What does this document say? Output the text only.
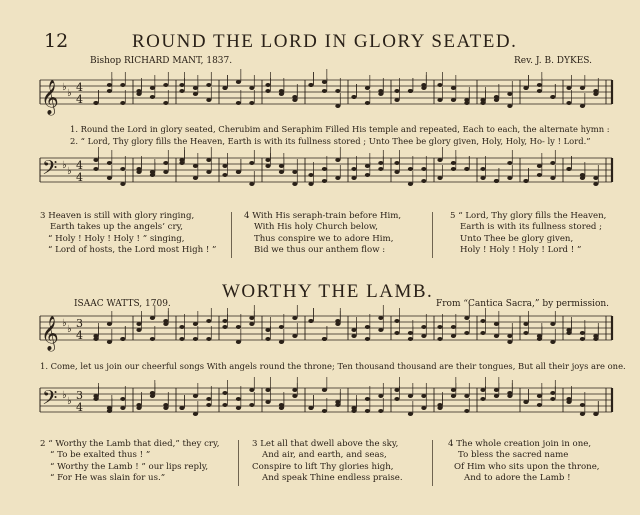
12	ROUND THE LORD IN GLORY SEATED.
Bishop RICHARD MANT, 1837.	Rev. J. B. DYKES.
𝄞 ♭
♭ 4
4
𝄢 ♭
♭ 4
4
𝄞 ♭
♭ 3
4
𝄢 ♭
♭ 3
4
1. Round the Lord in glory seated, Cherubim and Seraphim Filled His temple and repeated, Each to each, the alternate hymn :
2. “ Lord, Thy glory fills the Heaven, Earth is with its fullness stored ; Unto Thee be glory given, Holy, Holy, Ho- ly ! Lord.”
3 Heaven is still with glory ringing,
Earth takes up the angels’ cry,
“ Holy ! Holy ! Holy ! ” singing,
“ Lord of hosts, the Lord most High ! ”
4 With His seraph-train before Him,
With His holy Church below,
Thus conspire we to adore Him,
Bid we thus our anthem flow :
5 “ Lord, Thy glory fills the Heaven,
Earth is with its fullness stored ;
Unto Thee be glory given,
Holy ! Holy ! Holy ! Lord ! ”
WORTHY THE LAMB.
ISAAC WATTS, 1709.	From “Cantica Sacra,” by permission.
1. Come, let us join our cheerful songs With angels round the throne; Ten thousand thousand are their tongues, But all their joys are one.
2 “ Worthy the Lamb that died,” they cry,
“ To be exalted thus ! ”
“ Worthy the Lamb ! ” our lips reply,
“ For He was slain for us.”
3 Let all that dwell above the sky,
And air, and earth, and seas,
Conspire to lift Thy glories high,
And speak Thine endless praise.
4 The whole creation join in one,
To bless the sacred name
Of Him who sits upon the throne,
And to adore the Lamb !
